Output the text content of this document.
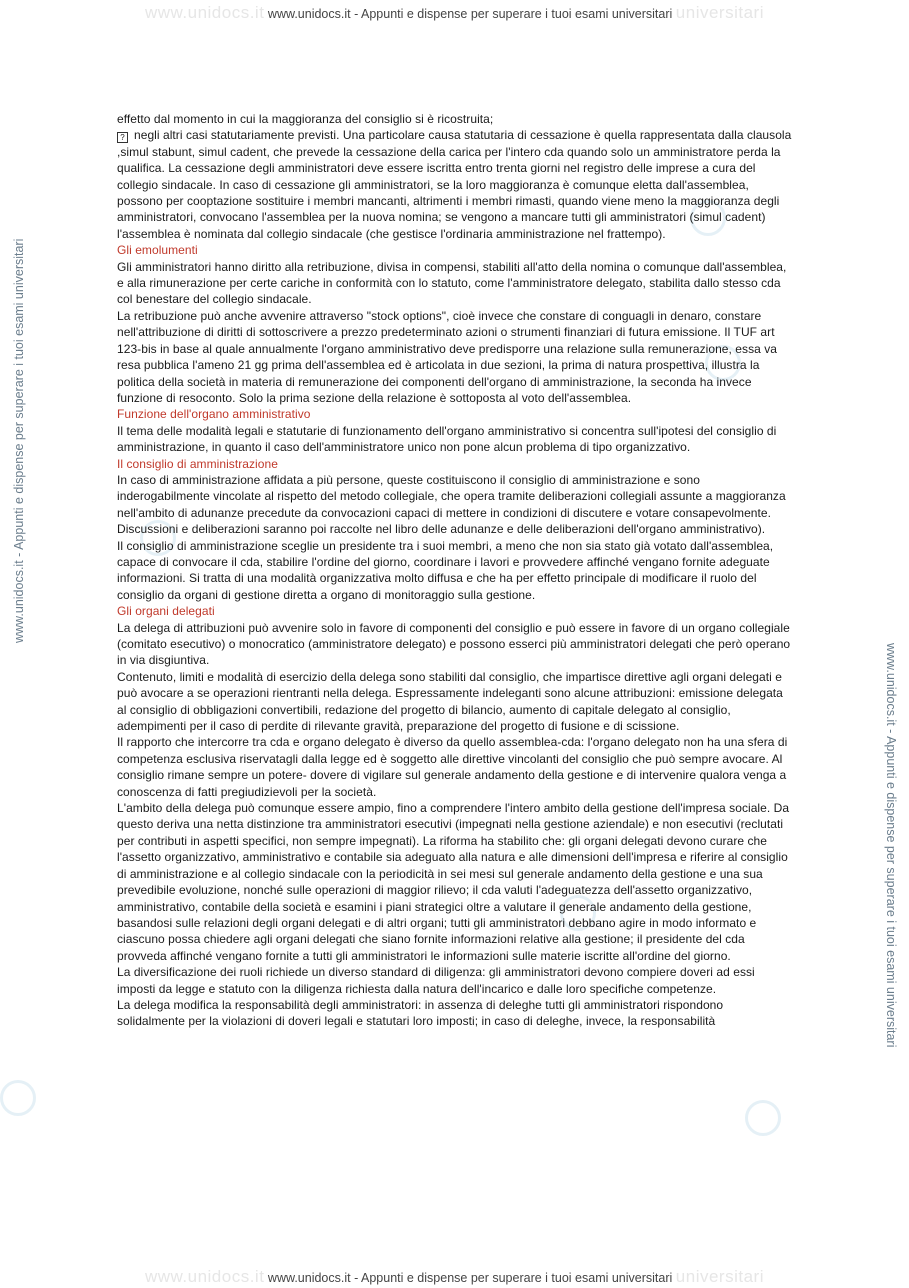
www.unidocs.it www.unidocs.it - Appunti e dispense per superare i tuoi esami universitari universitari
www.unidocs.it - Appunti e dispense per superare i tuoi esami universitari
www.unidocs.it - Appunti e dispense per superare i tuoi esami universitari

effetto dal momento in cui la maggioranza del consiglio si è ricostruita;

? negli altri casi statutariamente previsti. Una particolare causa statutaria di cessazione è quella rappresentata dalla clausola ,simul stabunt, simul cadent, che prevede la cessazione della carica per l'intero cda quando solo un amministratore perda la qualifica. La cessazione degli amministratori deve essere iscritta entro trenta giorni nel registro delle imprese a cura del collegio sindacale. In caso di cessazione gli amministratori, se la loro maggioranza è comunque eletta dall'assemblea, possono per cooptazione sostituire i membri mancanti, altrimenti i membri rimasti, quando viene meno la maggioranza degli amministratori, convocano l'assemblea per la nuova nomina; se vengono a mancare tutti gli amministratori (simul cadent) l'assemblea è nominata dal collegio sindacale (che gestisce l'ordinaria amministrazione nel frattempo).

Gli emolumenti

Gli amministratori hanno diritto alla retribuzione, divisa in compensi, stabiliti all'atto della nomina o comunque dall'assemblea, e alla rimunerazione per certe cariche in conformità con lo statuto, come l'amministratore delegato, stabilita dallo stesso cda col benestare del collegio sindacale.

La retribuzione può anche avvenire attraverso "stock options", cioè invece che constare di conguagli in denaro, constare nell'attribuzione di diritti di sottoscrivere a prezzo predeterminato azioni o strumenti finanziari di futura emissione. Il TUF art 123-bis in base al quale annualmente l'organo amministrativo deve predisporre una relazione sulla remunerazione, essa va resa pubblica l'ameno 21 gg prima dell'assemblea ed è articolata in due sezioni, la prima di natura prospettiva, illustra la politica della società in materia di remunerazione dei componenti dell'organo di amministrazione, la seconda ha invece funzione di resoconto. Solo la prima sezione della relazione è sottoposta al voto dell'assemblea.

Funzione dell'organo amministrativo

Il tema delle modalità legali e statutarie di funzionamento dell'organo amministrativo si concentra sull'ipotesi del consiglio di amministrazione, in quanto il caso dell'amministratore unico non pone alcun problema di tipo organizzativo.

Il consiglio di amministrazione

In caso di amministrazione affidata a più persone, queste costituiscono il consiglio di amministrazione e sono inderogabilmente vincolate al rispetto del metodo collegiale, che opera tramite deliberazioni collegiali assunte a maggioranza nell'ambito di adunanze precedute da convocazioni capaci di mettere in condizioni di discutere e votare consapevolmente. Discussioni e deliberazioni saranno poi raccolte nel libro delle adunanze e delle deliberazioni dell'organo amministrativo).

Il consiglio di amministrazione sceglie un presidente tra i suoi membri, a meno che non sia stato già votato dall'assemblea, capace di convocare il cda, stabilire l'ordine del giorno, coordinare i lavori e provvedere affinché vengano fornite adeguate informazioni. Si tratta di una modalità organizzativa molto diffusa e che ha per effetto principale di modificare il ruolo del consiglio da organi di gestione diretta a organo di monitoraggio sulla gestione.

Gli organi delegati

La delega di attribuzioni può avvenire solo in favore di componenti del consiglio e può essere in favore di un organo collegiale (comitato esecutivo) o monocratico (amministratore delegato) e possono esserci più amministratori delegati che però operano in via disgiuntiva.

Contenuto, limiti e modalità di esercizio della delega sono stabiliti dal consiglio, che impartisce direttive agli organi delegati e può avocare a se operazioni rientranti nella delega. Espressamente indeleganti sono alcune attribuzioni: emissione delegata al consiglio di obbligazioni convertibili, redazione del progetto di bilancio, aumento di capitale delegato al consiglio, adempimenti per il caso di perdite di rilevante gravità, preparazione del progetto di fusione e di scissione.

Il rapporto che intercorre tra cda e organo delegato è diverso da quello assemblea-cda: l'organo delegato non ha una sfera di competenza esclusiva riservatagli dalla legge ed è soggetto alle direttive vincolanti del consiglio che può sempre avocare. Al consiglio rimane sempre un potere- dovere di vigilare sul generale andamento della gestione e di intervenire qualora venga a conoscenza di fatti pregiudizievoli per la società.

L'ambito della delega può comunque essere ampio, fino a comprendere l'intero ambito della gestione dell'impresa sociale. Da questo deriva una netta distinzione tra amministratori esecutivi (impegnati nella gestione aziendale) e non esecutivi (reclutati per contributi in aspetti specifici, non sempre impegnati). La riforma ha stabilito che: gli organi delegati devono curare che l'assetto organizzativo, amministrativo e contabile sia adeguato alla natura e alle dimensioni dell'impresa e riferire al consiglio di amministrazione e al collegio sindacale con la periodicità in sei mesi sul generale andamento della gestione e una sua prevedibile evoluzione, nonché sulle operazioni di maggior rilievo; il cda valuti l'adeguatezza dell'assetto organizzativo, amministrativo, contabile della società e esamini i piani strategici oltre a valutare il generale andamento della gestione, basandosi sulle relazioni degli organi delegati e di altri organi; tutti gli amministratori debbano agire in modo informato e ciascuno possa chiedere agli organi delegati che siano fornite informazioni relative alla gestione; il presidente del cda provveda affinché vengano fornite a tutti gli amministratori le informazioni sulle materie iscritte all'ordine del giorno.

La diversificazione dei ruoli richiede un diverso standard di diligenza: gli amministratori devono compiere doveri ad essi imposti da legge e statuto con la diligenza richiesta dalla natura dell'incarico e dalle loro specifiche competenze.

La delega modifica la responsabilità degli amministratori: in assenza di deleghe tutti gli amministratori rispondono solidalmente per la violazioni di doveri legali e statutari loro imposti; in caso di deleghe, invece, la responsabilità

www.unidocs.it www.unidocs.it - Appunti e dispense per superare i tuoi esami universitari universitari
